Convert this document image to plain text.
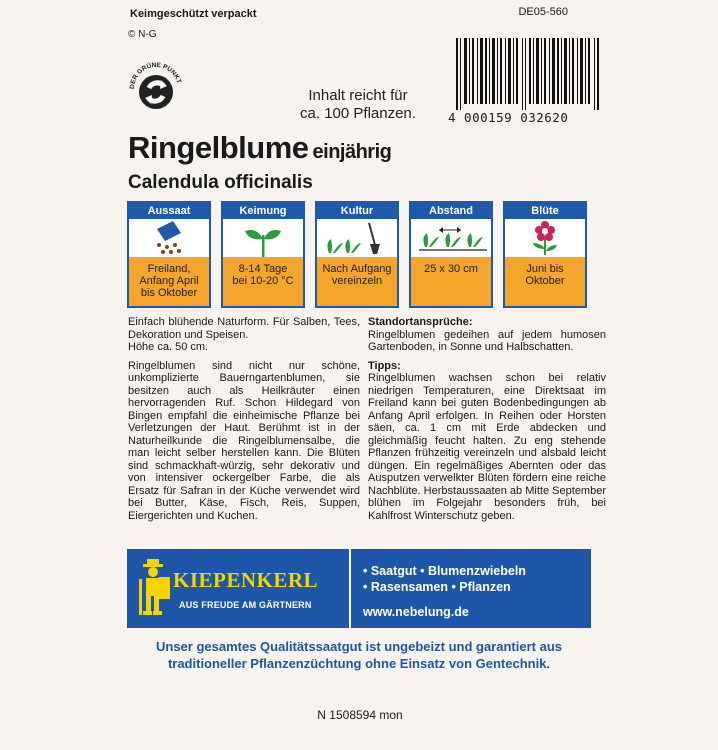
Keimgeschützt verpackt	DE05-560
© N-G
DER GRÜNE PUNKT
Inhalt reicht für
ca. 100 Pflanzen.	4 000159 032620
Ringelblume einjährig
Calendula officinalis
Aussaat
Freiland,
Anfang April
bis Oktober
Keimung
8-14 Tage
bei 10-20 °C
Kultur
Nach Aufgang
vereinzeln
Abstand
25 x 30 cm
Blüte
Juni bis
Oktober

Einfach blühende Naturform. Für Salben, Tees, Dekoration und Speisen.
Höhe ca. 50 cm.

Ringelblumen sind nicht nur schöne, unkomplizierte Bauerngartenblumen, sie besitzen auch als Heilkräuter einen hervorragenden Ruf. Schon Hildegard von Bingen empfahl die einheimische Pflanze bei Verletzungen der Haut. Berühmt ist in der Naturheilkunde die Ringelblumensalbe, die man leicht selber herstellen kann. Die Blüten sind schmackhaft-würzig, sehr dekorativ und von intensiver ockergelber Farbe, die als Ersatz für Safran in der Küche verwendet wird bei Butter, Käse, Fisch, Reis, Suppen, Eiergerichten und Kuchen.

Standortansprüche:

Ringelblumen gedeihen auf jedem humosen Gartenboden, in Sonne und Halbschatten.

Tipps:

Ringelblumen wachsen schon bei relativ niedrigen Temperaturen, eine Direktsaat im Freiland kann bei guten Bodenbedingungen ab Anfang April erfolgen. In Reihen oder Horsten säen, ca. 1 cm mit Erde abdecken und gleichmäßig feucht halten. Zu eng stehende Pflanzen frühzeitig vereinzeln und alsbald leicht düngen. Ein regelmäßiges Abernten oder das Ausputzen verwelkter Blüten fördern eine reiche Nachblüte. Herbstaussaaten ab Mitte September blühen im Folgejahr besonders früh, bei Kahlfrost Winterschutz geben.

KIEPENKERL
AUS FREUDE AM GÄRTNERN
• Saatgut • Blumenzwiebeln
• Rasensamen • Pflanzen
www.nebelung.de
Unser gesamtes Qualitätssaatgut ist ungebeizt und garantiert aus
traditioneller Pflanzenzüchtung ohne Einsatz von Gentechnik.
N 1508594 mon
